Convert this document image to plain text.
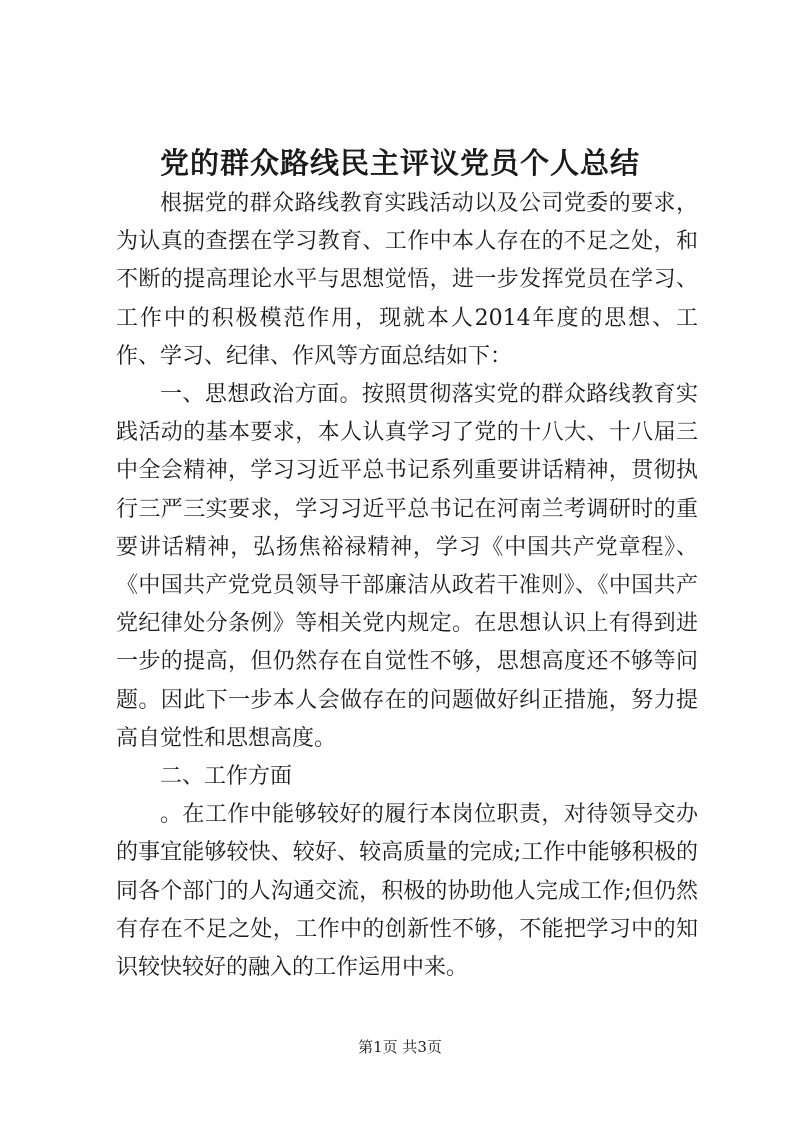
党的群众路线民主评议党员个人总结

根据党的群众路线教育实践活动以及公司党委的要求，为认真的查摆在学习教育、工作中本人存在的不足之处，和不断的提高理论水平与思想觉悟，进一步发挥党员在学习、工作中的积极模范作用，现就本人2014年度的思想、工作、学习、纪律、作风等方面总结如下：

一、思想政治方面。按照贯彻落实党的群众路线教育实践活动的基本要求，本人认真学习了党的十八大、十八届三中全会精神，学习习近平总书记系列重要讲话精神，贯彻执行三严三实要求，学习习近平总书记在河南兰考调研时的重要讲话精神，弘扬焦裕禄精神，学习《中国共产党章程》、《中国共产党党员领导干部廉洁从政若干准则》、《中国共产党纪律处分条例》等相关党内规定。在思想认识上有得到进一步的提高，但仍然存在自觉性不够，思想高度还不够等问题。因此下一步本人会做存在的问题做好纠正措施，努力提高自觉性和思想高度。

二、工作方面

。在工作中能够较好的履行本岗位职责，对待领导交办的事宜能够较快、较好、较高质量的完成;工作中能够积极的同各个部门的人沟通交流，积极的协助他人完成工作;但仍然有存在不足之处，工作中的创新性不够，不能把学习中的知识较快较好的融入的工作运用中来。

第1页 共3页
